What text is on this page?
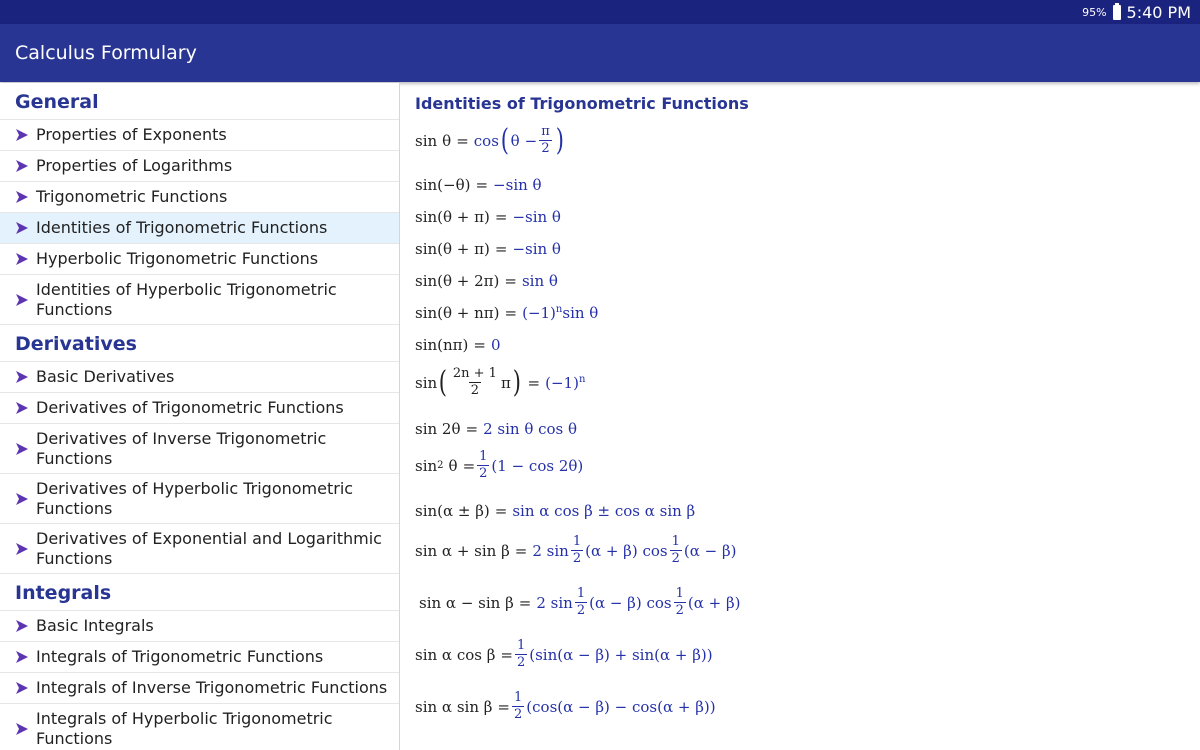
95% 5:40 PM
Calculus Formulary
General
Properties of Exponents
Properties of Logarithms
Trigonometric Functions
Identities of Trigonometric Functions
Hyperbolic Trigonometric Functions
Identities of Hyperbolic Trigonometric Functions
Derivatives
Basic Derivatives
Derivatives of Trigonometric Functions
Derivatives of Inverse Trigonometric Functions
Derivatives of Hyperbolic Trigonometric Functions
Derivatives of Exponential and Logarithmic Functions
Integrals
Basic Integrals
Integrals of Trigonometric Functions
Integrals of Inverse Trigonometric Functions
Integrals of Hyperbolic Trigonometric Functions
Identities of Trigonometric Functions
sin θ = cos ( $\theta - \frac{\pi}{2}$ )
sin(−θ) = −sin θ
sin(θ + π) = −sin θ
sin(θ + π) = −sin θ
sin(θ + 2π) = sin θ
$\sin(\theta + n\pi) = (-1)^n\sin$ θ
sin(nπ) = 0
sin ( $\frac{2n + 1}{2}$ π ) = $(-1)^n$
sin 2θ = 2 sin θ cos θ
sin 2 $\theta = \frac{1}{2} (1 - \cos 2\theta)$
sin(α ± β) = sin α cos β ± cos α sin β
sin α + sin β = 2 $\sin \frac{1}{2} (\alpha + \beta)$ $\cos \frac{1}{2} (\alpha - \beta)$
sin α − sin β = 2 $\sin \frac{1}{2} (\alpha - \beta)$ $\cos \frac{1}{2} (\alpha + \beta)$
sin α $\cos \beta = \frac{1}{2} (\sin(\alpha - \beta) + \sin(\alpha + \beta))$
sin α $\sin \beta = \frac{1}{2} (\cos(\alpha - \beta) - \cos(\alpha + \beta))$
